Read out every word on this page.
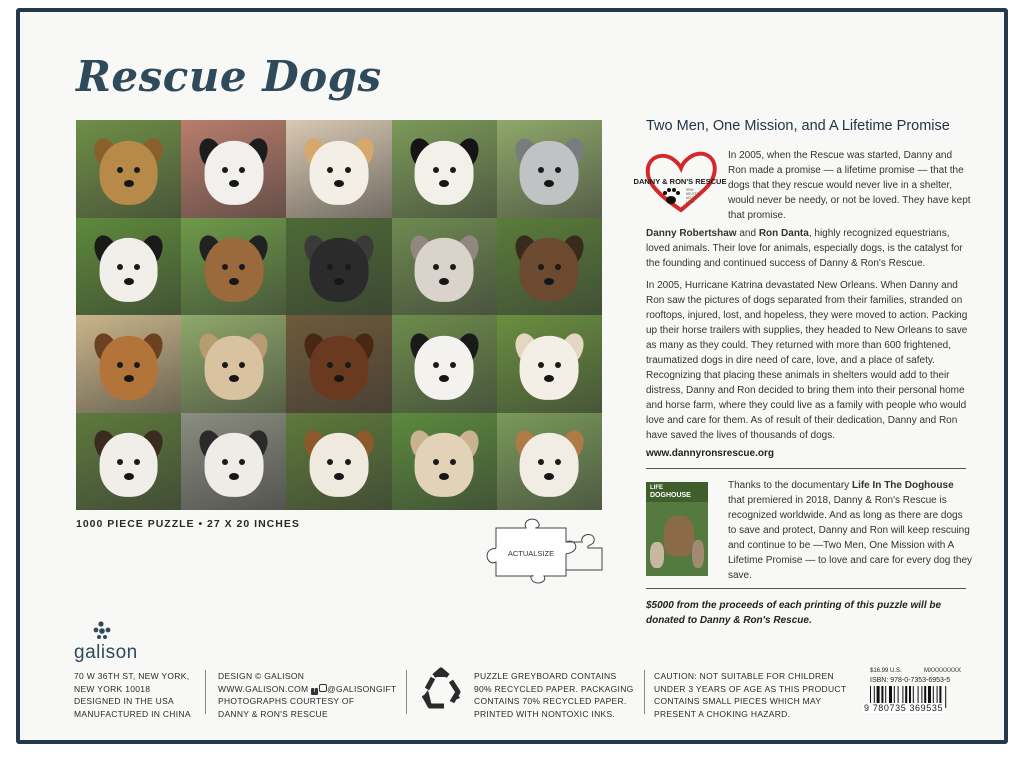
Rescue Dogs
1000 PIECE PUZZLE • 27 X 20 INCHES
ACTUALSIZE
Two Men, One Mission, and A Lifetime Promise
DANNY & RON'S RESCUE
SPAY
NEUTER
ADOPT
LOVE
In 2005, when the Rescue was started, Danny and Ron made a promise — a lifetime promise — that the dogs that they rescue would never live in a shelter, would never be needy, or not be loved. They have kept that promise.
Danny Robertshaw and Ron Danta, highly recognized equestrians, loved animals. Their love for animals, especially dogs, is the catalyst for the founding and continued success of Danny & Ron's Rescue.
In 2005, Hurricane Katrina devastated New Orleans. When Danny and Ron saw the pictures of dogs separated from their families, stranded on rooftops, injured, lost, and hopeless, they were moved to action. Packing up their horse trailers with supplies, they headed to New Orleans to save as many as they could. They returned with more than 600 frightened, traumatized dogs in dire need of care, love, and a place of safety. Recognizing that placing these animals in shelters would add to their distress, Danny and Ron decided to bring them into their personal home and horse farm, where they could live as a family with people who would love and care for them. As of result of their dedication, Danny and Ron have saved the lives of thousands of dogs.
www.dannyronsrescue.org
LIFE
DOGHOUSE
Thanks to the documentary Life In The Doghouse that premiered in 2018, Danny & Ron's Rescue is recognized worldwide. And as long as there are dogs to save and protect, Danny and Ron will keep rescuing and continue to be —Two Men, One Mission with A Lifetime Promise — to love and care for every dog they save.
$5000 from the proceeds of each printing of this puzzle will be donated to Danny & Ron's Rescue.
galison
70 W 36TH ST, NEW YORK,
NEW YORK 10018
DESIGNED IN THE USA
MANUFACTURED IN CHINA
DESIGN © GALISON
WWW.GALISON.COM f @GALISONGIFT
PHOTOGRAPHS COURTESY OF
DANNY & RON'S RESCUE
PUZZLE GREYBOARD CONTAINS
90% RECYCLED PAPER. PACKAGING
CONTAINS 70% RECYCLED PAPER.
PRINTED WITH NONTOXIC INKS.
CAUTION: NOT SUITABLE FOR CHILDREN
UNDER 3 YEARS OF AGE AS THIS PRODUCT
CONTAINS SMALL PIECES WHICH MAY
PRESENT A CHOKING HAZARD.
$16.99 U.S.	MXXXXXXXX
ISBN: 978-0-7353-6953-5
9 780735 369535
